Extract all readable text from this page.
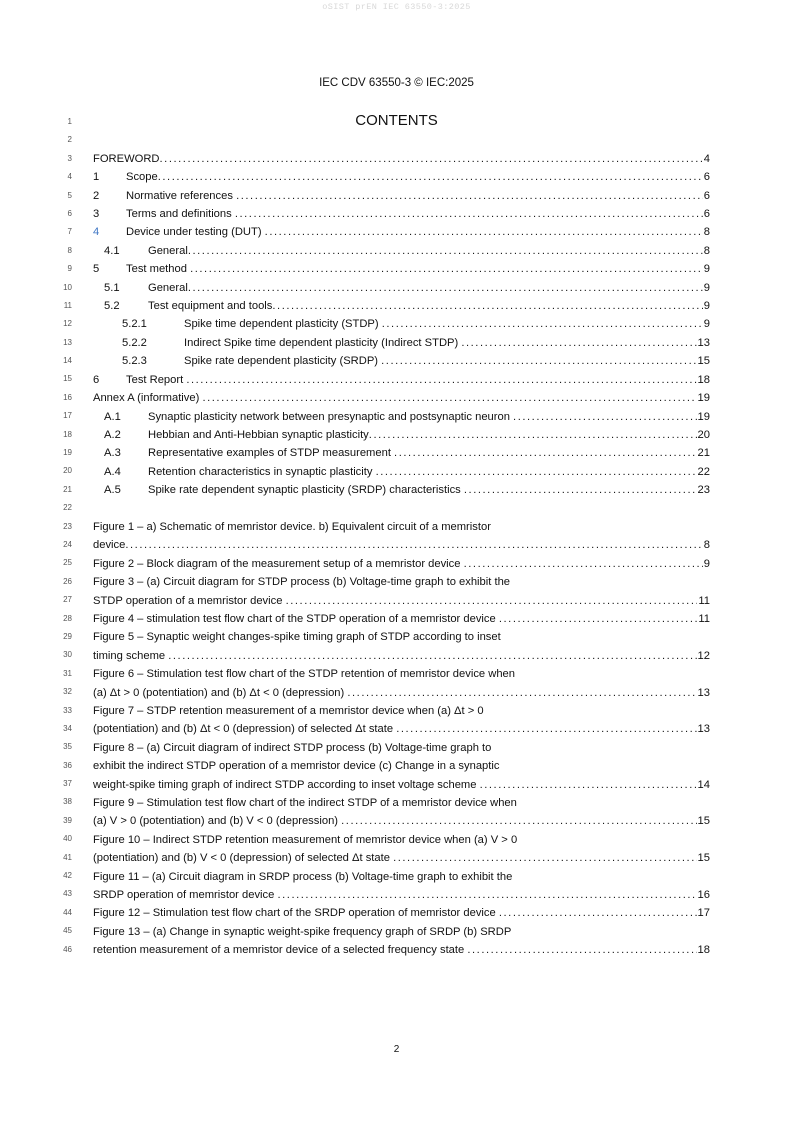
oSIST prEN IEC 63550-3:2025
IEC CDV 63550-3 © IEC:2025
CONTENTS
1
2
3
4
5
6
7
8
9
10
11
12
13
14
15
16
17
18
19
20
21
22
23
24
25
26
27
28
29
30
31
32
33
34
35
36
37
38
39
40
41
42
43
44
45
46

FOREWORD .....	4
1	Scope .....	6
2	Normative references .....	6
3	Terms and definitions .....	6
4	Device under testing (DUT) .....	8
4.1	General .....	8
5	Test method .....	9
5.1	General .....	9
5.2	Test equipment and tools .....	9
5.2.1	Spike time dependent plasticity (STDP) .....	9
5.2.2	Indirect Spike time dependent plasticity (Indirect STDP) .....	13
5.2.3	Spike rate dependent plasticity (SRDP) .....	15
6	Test Report .....	18
Annex A (informative) .....	19
A.1	Synaptic plasticity network between presynaptic and postsynaptic neuron .....	19
A.2	Hebbian and Anti-Hebbian synaptic plasticity .....	20
A.3	Representative examples of STDP measurement .....	21
A.4	Retention characteristics in synaptic plasticity .....	22
A.5	Spike rate dependent synaptic plasticity (SRDP) characteristics .....	23

Figure 1 – a) Schematic of memristor device. b) Equivalent circuit of a memristor
device .....	8
Figure 2 – Block diagram of the measurement setup of a memristor device .....	9
Figure 3 – (a) Circuit diagram for STDP process (b) Voltage-time graph to exhibit the
STDP operation of a memristor device .....	11
Figure 4 – stimulation test flow chart of the STDP operation of a memristor device .....	11
Figure 5 – Synaptic weight changes-spike timing graph of STDP according to inset
timing scheme .....	12
Figure 6 – Stimulation test flow chart of the STDP retention of memristor device when
(a) Δt > 0 (potentiation) and (b) Δt < 0 (depression) .....	13
Figure 7 – STDP retention measurement of a memristor device when (a) Δt > 0
(potentiation) and (b) Δt < 0 (depression) of selected Δt state .....	13
Figure 8 – (a) Circuit diagram of indirect STDP process (b) Voltage-time graph to
exhibit the indirect STDP operation of a memristor device (c) Change in a synaptic
weight-spike timing graph of indirect STDP according to inset voltage scheme .....	14
Figure 9 – Stimulation test flow chart of the indirect STDP of a memristor device when
(a) V > 0 (potentiation) and (b) V < 0 (depression) .....	15
Figure 10 – Indirect STDP retention measurement of memristor device when (a) V > 0
(potentiation) and (b) V < 0 (depression) of selected Δt state .....	15
Figure 11 – (a) Circuit diagram in SRDP process (b) Voltage-time graph to exhibit the
SRDP operation of memristor device .....	16
Figure 12 – Stimulation test flow chart of the SRDP operation of memristor device .....	17
Figure 13 – (a) Change in synaptic weight-spike frequency graph of SRDP (b) SRDP
retention measurement of a memristor device of a selected frequency state .....	18
2
